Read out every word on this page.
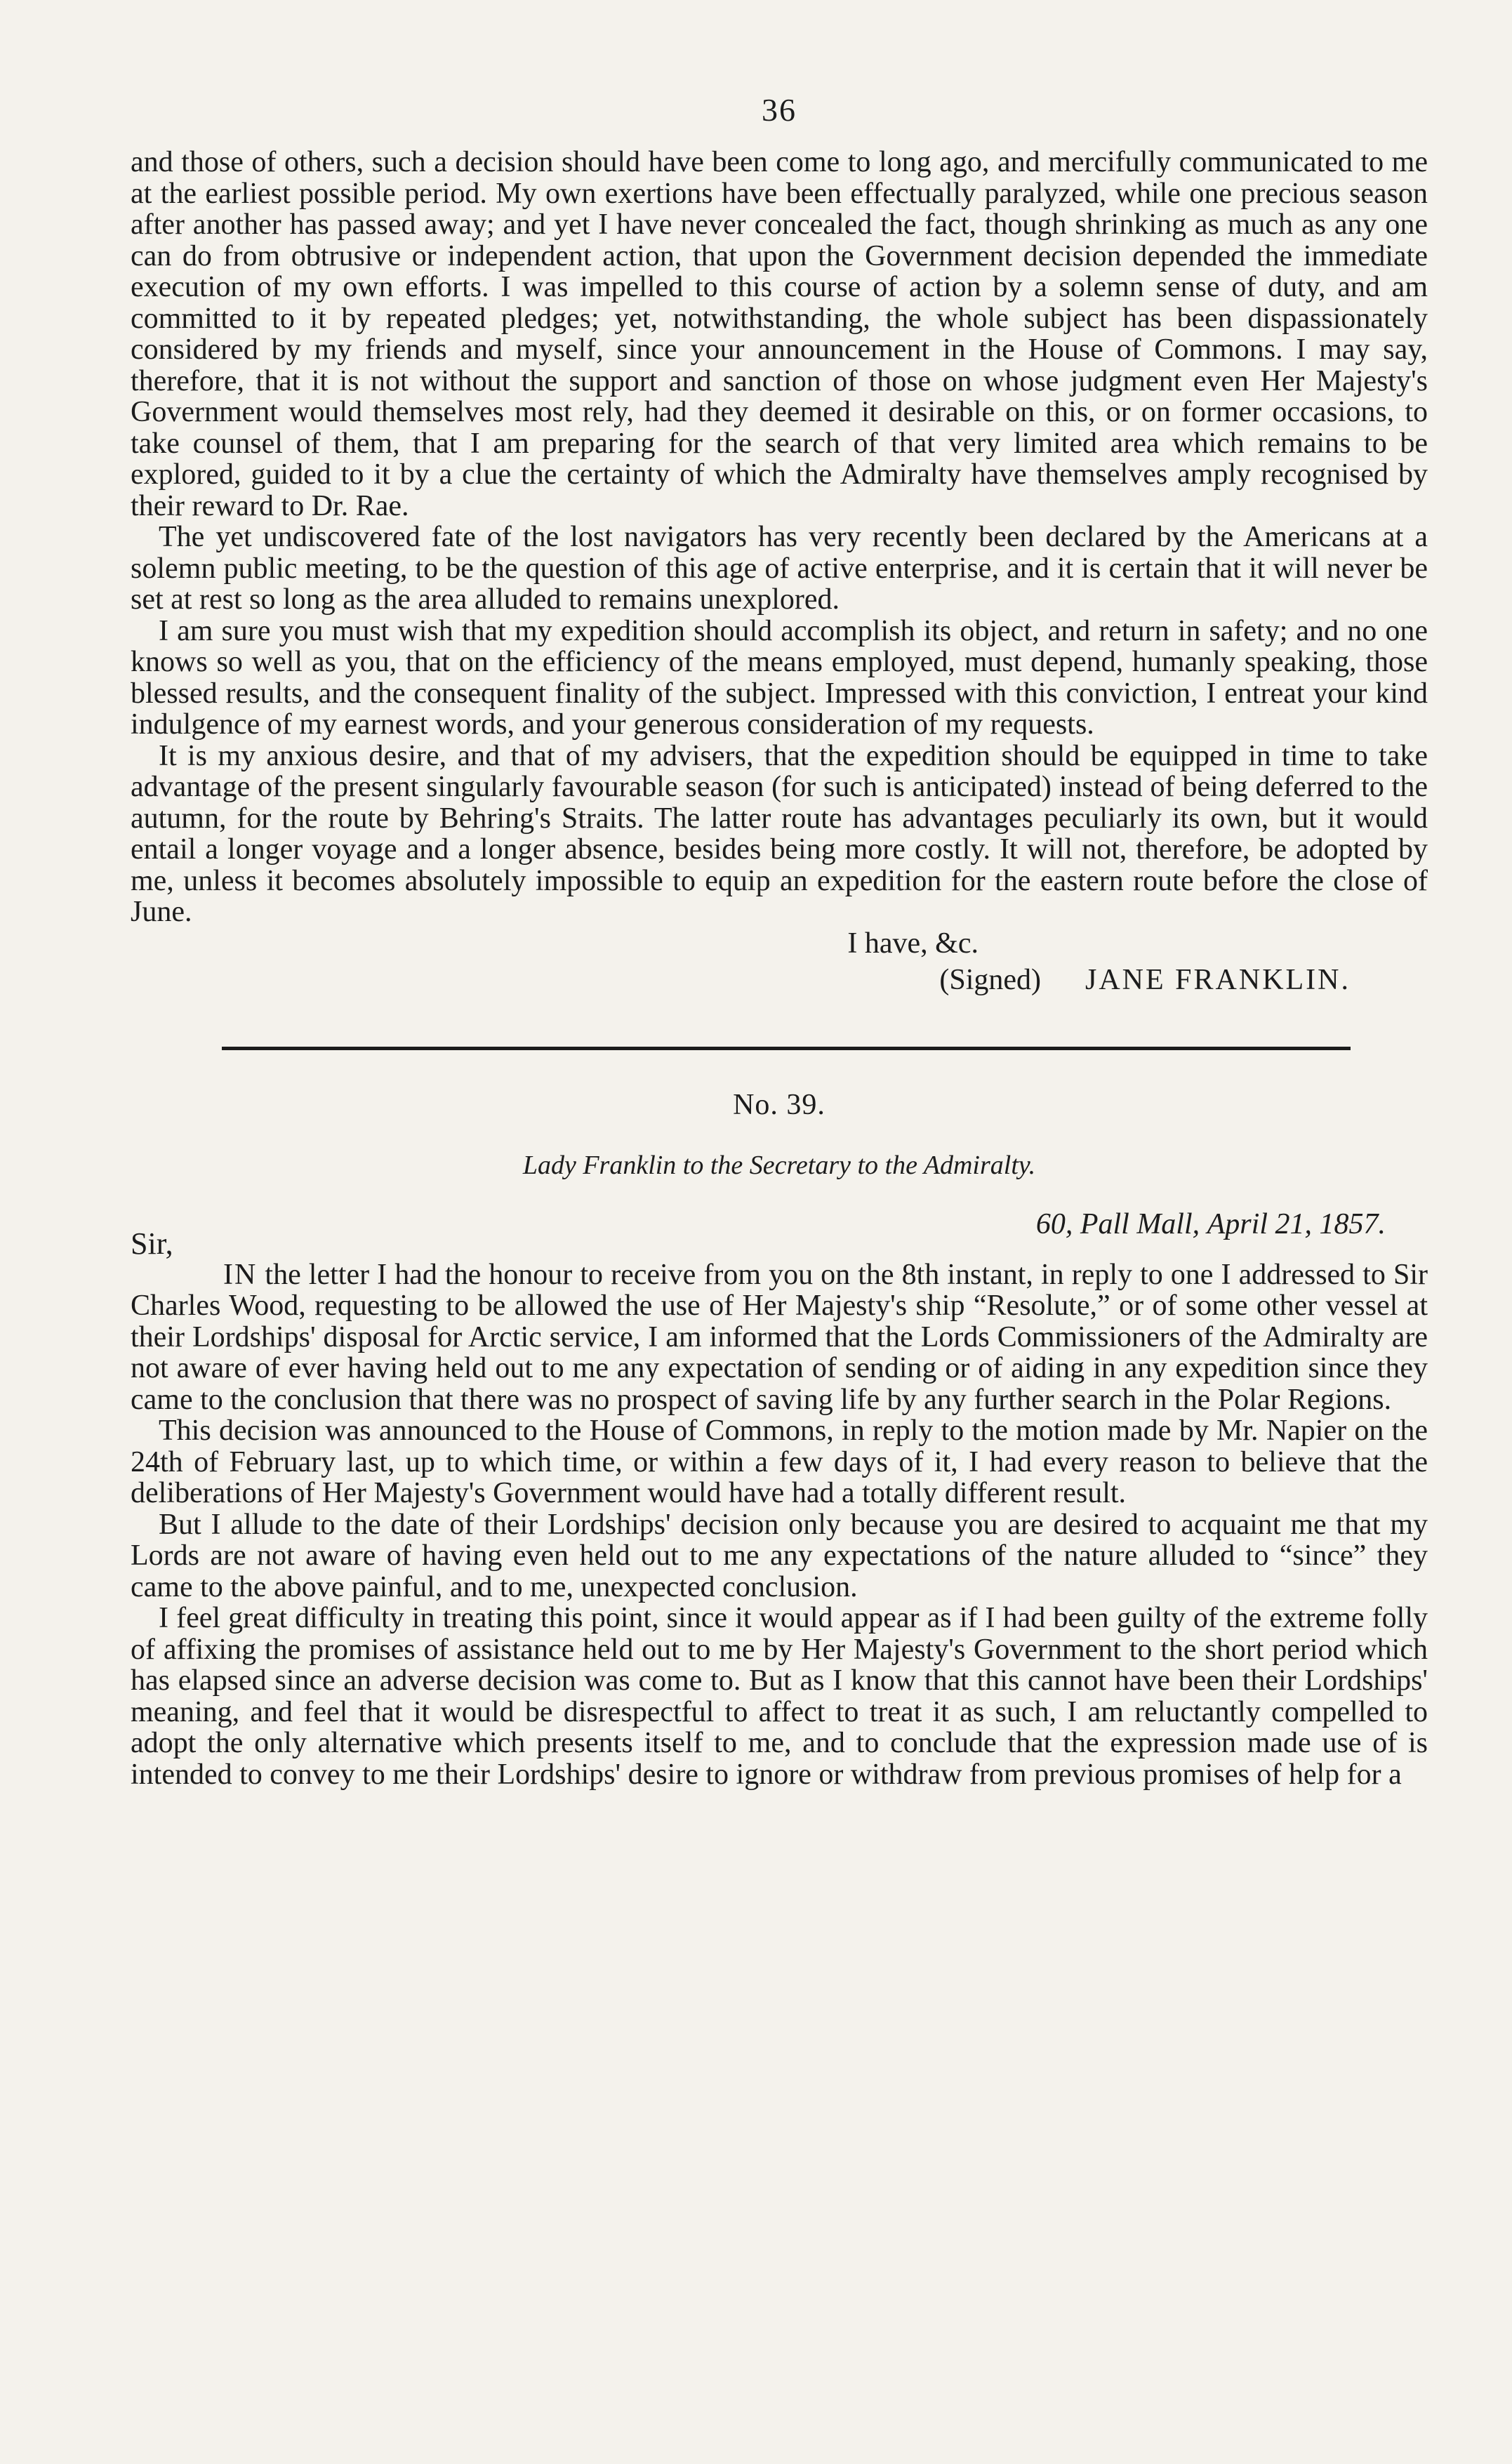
36

and those of others, such a decision should have been come to long ago, and mercifully communicated to me at the earliest possible period. My own exertions have been effectually paralyzed, while one precious season after another has passed away; and yet I have never concealed the fact, though shrinking as much as any one can do from obtrusive or independent action, that upon the Government decision depended the immediate execution of my own efforts. I was impelled to this course of action by a solemn sense of duty, and am committed to it by repeated pledges; yet, notwithstanding, the whole subject has been dispassionately considered by my friends and myself, since your announcement in the House of Commons. I may say, therefore, that it is not without the support and sanction of those on whose judgment even Her Majesty's Government would themselves most rely, had they deemed it desirable on this, or on former occasions, to take counsel of them, that I am preparing for the search of that very limited area which remains to be explored, guided to it by a clue the certainty of which the Admiralty have themselves amply recognised by their reward to Dr. Rae.

The yet undiscovered fate of the lost navigators has very recently been declared by the Americans at a solemn public meeting, to be the question of this age of active enterprise, and it is certain that it will never be set at rest so long as the area alluded to remains unexplored.

I am sure you must wish that my expedition should accomplish its object, and return in safety; and no one knows so well as you, that on the efficiency of the means employed, must depend, humanly speaking, those blessed results, and the consequent finality of the subject. Impressed with this conviction, I entreat your kind indulgence of my earnest words, and your generous consideration of my requests.

It is my anxious desire, and that of my advisers, that the expedition should be equipped in time to take advantage of the present singularly favourable season (for such is anticipated) instead of being deferred to the autumn, for the route by Behring's Straits. The latter route has advantages peculiarly its own, but it would entail a longer voyage and a longer absence, besides being more costly. It will not, therefore, be adopted by me, unless it becomes absolutely impossible to equip an expedition for the eastern route before the close of June.

I have, &c.

(Signed) JANE FRANKLIN.

No. 39.
Lady Franklin to the Secretary to the Admiralty.
60, Pall Mall, April 21, 1857.
Sir,

IN the letter I had the honour to receive from you on the 8th instant, in reply to one I addressed to Sir Charles Wood, requesting to be allowed the use of Her Majesty's ship “Resolute,” or of some other vessel at their Lordships' disposal for Arctic service, I am informed that the Lords Commissioners of the Admiralty are not aware of ever having held out to me any expectation of sending or of aiding in any expedition since they came to the conclusion that there was no prospect of saving life by any further search in the Polar Regions.

This decision was announced to the House of Commons, in reply to the motion made by Mr. Napier on the 24th of February last, up to which time, or within a few days of it, I had every reason to believe that the deliberations of Her Majesty's Government would have had a totally different result.

But I allude to the date of their Lordships' decision only because you are desired to acquaint me that my Lords are not aware of having even held out to me any expectations of the nature alluded to “since” they came to the above painful, and to me, unexpected conclusion.

I feel great difficulty in treating this point, since it would appear as if I had been guilty of the extreme folly of affixing the promises of assistance held out to me by Her Majesty's Government to the short period which has elapsed since an adverse decision was come to. But as I know that this cannot have been their Lordships' meaning, and feel that it would be disrespectful to affect to treat it as such, I am reluctantly compelled to adopt the only alternative which presents itself to me, and to conclude that the expression made use of is intended to convey to me their Lordships' desire to ignore or withdraw from previous promises of help for a
